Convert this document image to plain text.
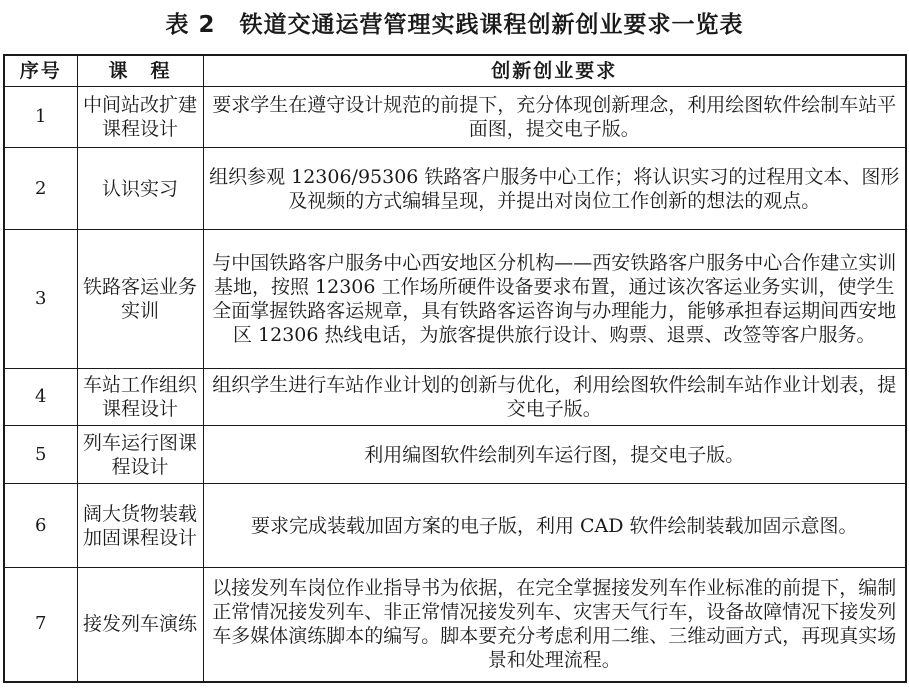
表 2　铁道交通运营管理实践课程创新创业要求一览表
序号	课　程	创新创业要求
1	中间站改扩建课程设计	要求学生在遵守设计规范的前提下，充分体现创新理念，利用绘图软件绘制车站平面图，提交电子版。
2	认识实习	组织参观 12306/95306 铁路客户服务中心工作；将认识实习的过程用文本、图形及视频的方式编辑呈现，并提出对岗位工作创新的想法的观点。
3	铁路客运业务实训	与中国铁路客户服务中心西安地区分机构——西安铁路客户服务中心合作建立实训基地，按照 12306 工作场所硬件设备要求布置，通过该次客运业务实训，使学生全面掌握铁路客运规章，具有铁路客运咨询与办理能力，能够承担春运期间西安地区 12306 热线电话，为旅客提供旅行设计、购票、退票、改签等客户服务。
4	车站工作组织课程设计	组织学生进行车站作业计划的创新与优化，利用绘图软件绘制车站作业计划表，提交电子版。
5	列车运行图课程设计	利用编图软件绘制列车运行图，提交电子版。
6	阔大货物装载加固课程设计	要求完成装载加固方案的电子版，利用 CAD 软件绘制装载加固示意图。
7	接发列车演练	以接发列车岗位作业指导书为依据，在完全掌握接发列车作业标准的前提下，编制正常情况接发列车、非正常情况接发列车、灾害天气行车，设备故障情况下接发列车多媒体演练脚本的编写。脚本要充分考虑利用二维、三维动画方式，再现真实场景和处理流程。
